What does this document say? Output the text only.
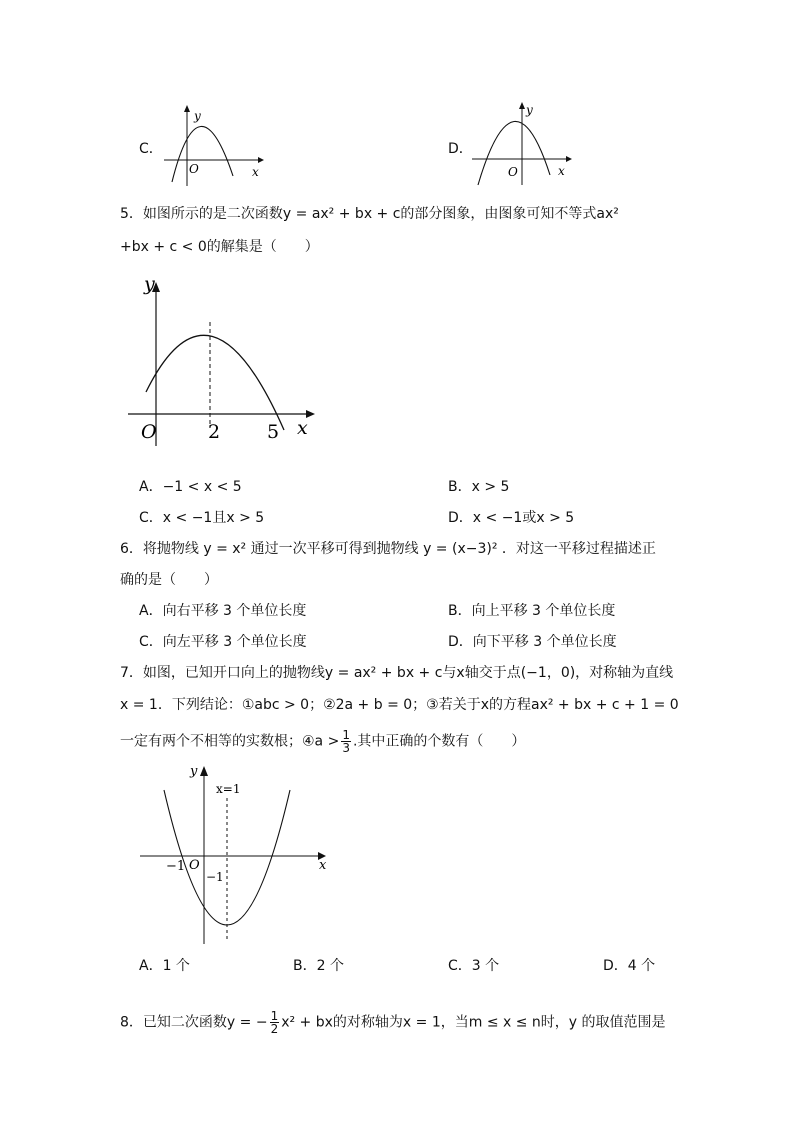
C．
y
x
O
D．
y
x
O
5．如图所示的是二次函数y = ax² + bx + c的部分图象，由图象可知不等式ax²
+bx + c < 0的解集是（　　）
y
x
O	2 5
A．−1 < x < 5	B．x > 5
C．x < −1且x > 5	D．x < −1或x > 5
6．将抛物线 y = x² 通过一次平移可得到抛物线 y = (x−3)² ．对这一平移过程描述正
确的是（　　）
A．向右平移 3 个单位长度	B．向上平移 3 个单位长度
C．向左平移 3 个单位长度	D．向下平移 3 个单位长度
7．如图，已知开口向上的抛物线y = ax² + bx + c与x轴交于点(−1，0)，对称轴为直线
x = 1．下列结论：①abc > 0；②2a + b = 0；③若关于x的方程ax² + bx + c + 1 = 0
一定有两个不相等的实数根；④a > $\frac{1}{3}$ .其中正确的个数有（　　）
y
x
x=1
−1 O
−1
A．1 个	B．2 个	C．3 个	D．4 个
8．已知二次函数y = − $\frac{1}{2} x^2$ + bx的对称轴为x = 1，当m ≤ x ≤ n时，y 的取值范围是
